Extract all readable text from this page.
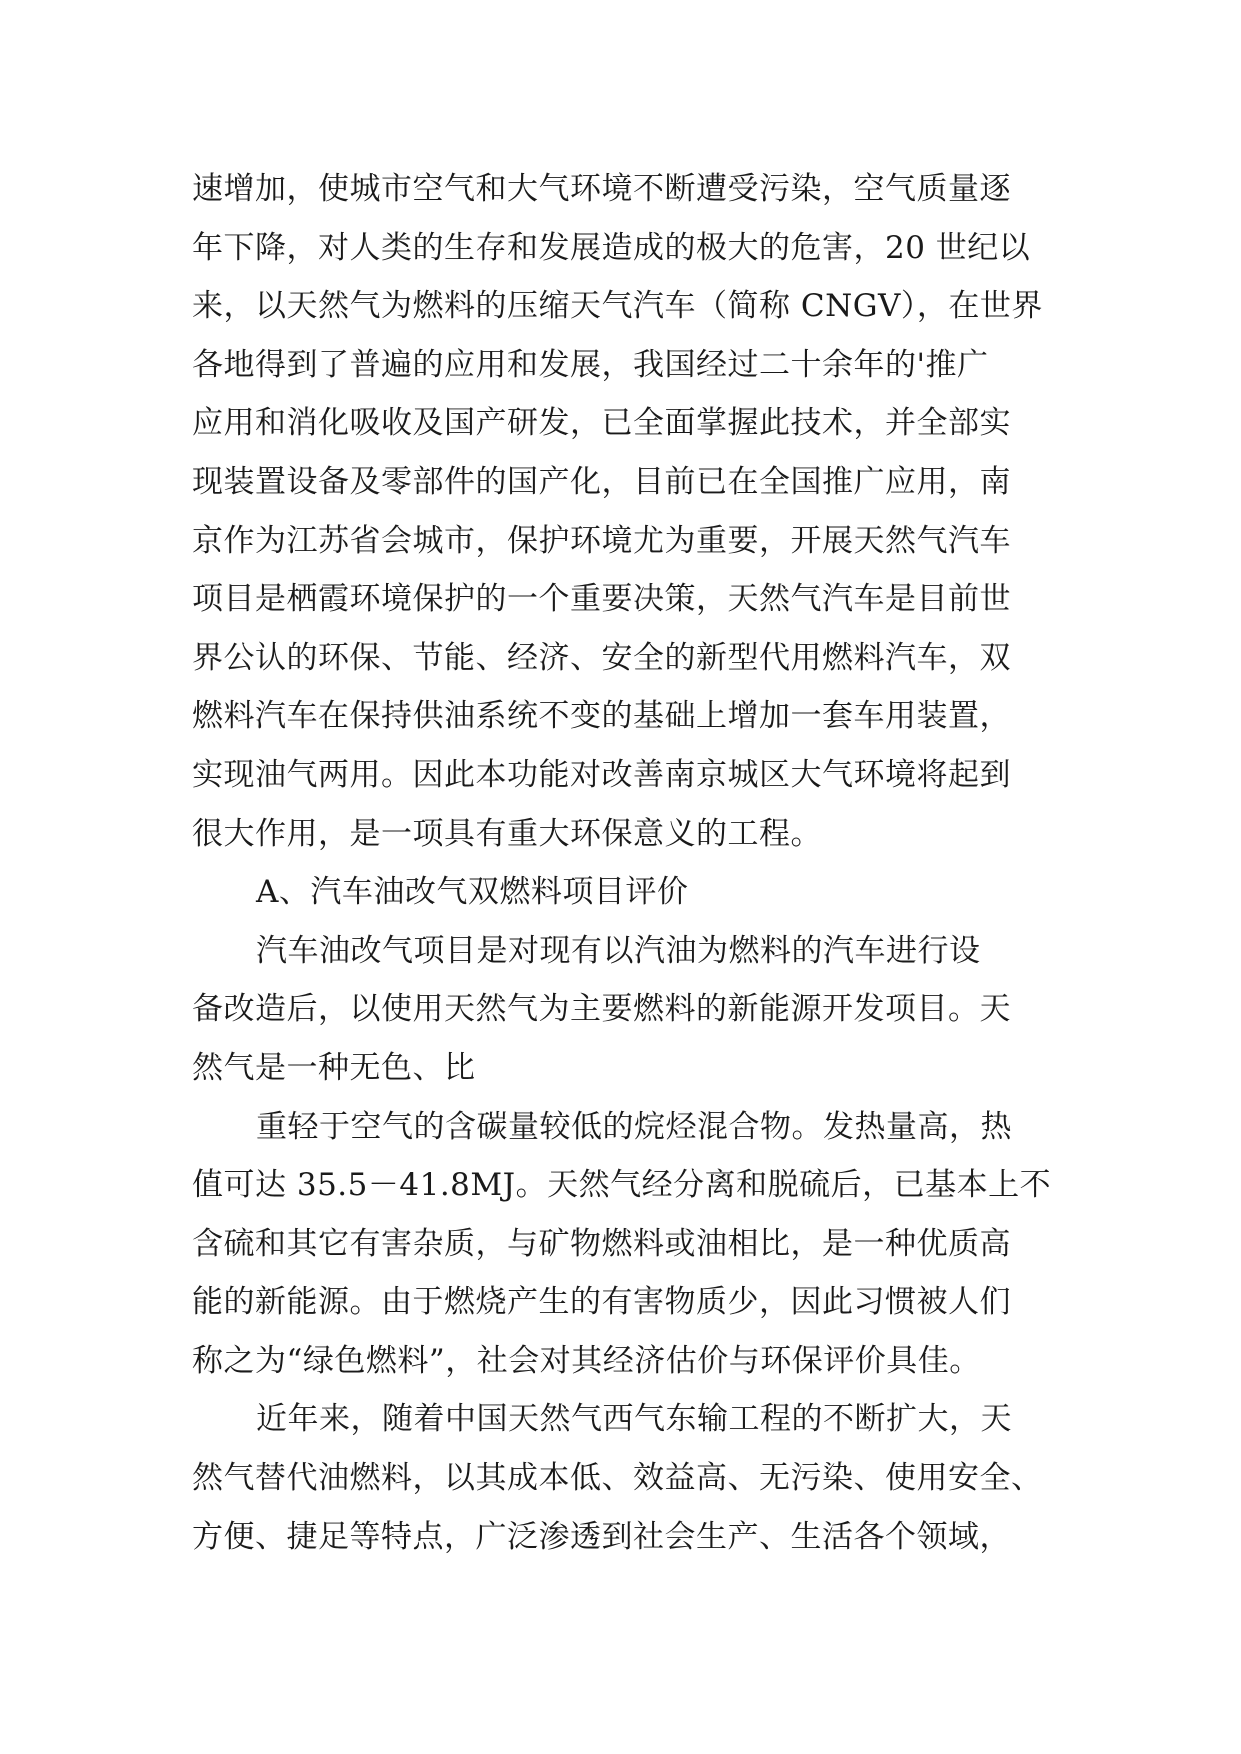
速增加，使城市空气和大气环境不断遭受污染，空气质量逐
年下降，对人类的生存和发展造成的极大的危害，20 世纪以
来，以天然气为燃料的压缩天气汽车（简称 CNGV），在世界
各地得到了普遍的应用和发展，我国经过二十余年的'推广
应用和消化吸收及国产研发，已全面掌握此技术，并全部实
现装置设备及零部件的国产化，目前已在全国推广应用，南
京作为江苏省会城市，保护环境尤为重要，开展天然气汽车
项目是栖霞环境保护的一个重要决策，天然气汽车是目前世
界公认的环保、节能、经济、安全的新型代用燃料汽车，双
燃料汽车在保持供油系统不变的基础上增加一套车用装置，
实现油气两用。因此本功能对改善南京城区大气环境将起到
很大作用，是一项具有重大环保意义的工程。
A、汽车油改气双燃料项目评价
汽车油改气项目是对现有以汽油为燃料的汽车进行设
备改造后，以使用天然气为主要燃料的新能源开发项目。天
然气是一种无色、比
重轻于空气的含碳量较低的烷烃混合物。发热量高，热
值可达 35.5－41.8MJ。天然气经分离和脱硫后，已基本上不
含硫和其它有害杂质，与矿物燃料或油相比，是一种优质高
能的新能源。由于燃烧产生的有害物质少，因此习惯被人们
称之为“绿色燃料”，社会对其经济估价与环保评价具佳。
近年来，随着中国天然气西气东输工程的不断扩大，天
然气替代油燃料，以其成本低、效益高、无污染、使用安全、
方便、捷足等特点，广泛渗透到社会生产、生活各个领域，
